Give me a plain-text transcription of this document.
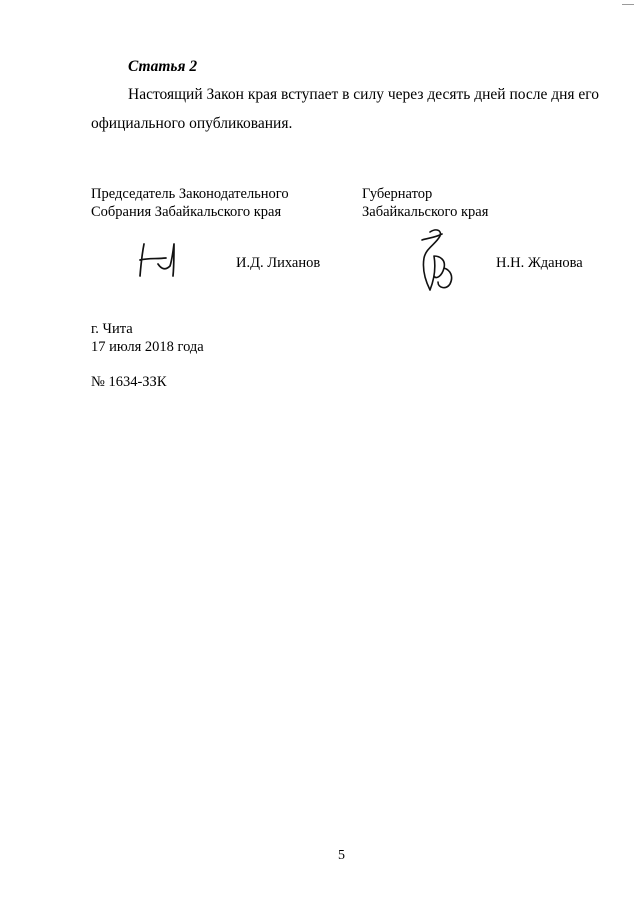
Статья 2
Настоящий Закон края вступает в силу через десять дней после дня его
официального опубликования.
Председатель Законодательного
Собрания Забайкальского края
Губернатор
Забайкальского края
И.Д. Лиханов	Н.Н. Жданова
г. Чита
17 июля 2018 года
№ 1634-ЗЗК
5
